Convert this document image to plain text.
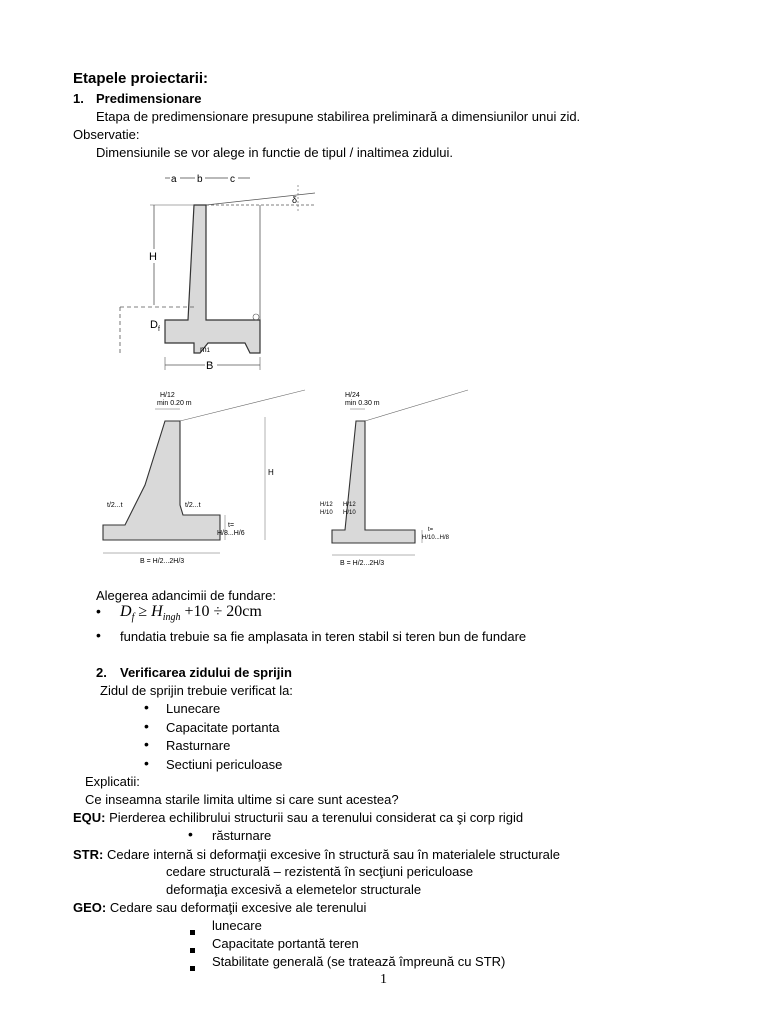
Etapele proiectarii:
1. Predimensionare
Etapa de predimensionare presupune stabilirea preliminară a dimensiunilor unui zid.
Observatie:
Dimensiunile se vor alege in functie de tipul / inaltimea zidului.
a b	c
δ
H
$D_f$
m1
B
H/12
min 0.20 m
t/2...t	t/2...t
H
t=
H/8...H/6
B = H/2...2H/3
H/24
min 0.30 m
H/12
H/10
H/12
H/10
t=
H/10...H/8
B = H/2...2H/3
Alegerea adancimii de fundare:
• $D_f \ge H_{ingh} +10 \div 20cm$
• fundatia trebuie sa fie amplasata in teren stabil si teren bun de fundare
2. Verificarea zidului de sprijin
Zidul de sprijin trebuie verificat la:
• Lunecare
• Capacitate portanta
• Rasturnare
• Sectiuni periculoase
Explicatii:
Ce inseamna starile limita ultime si care sunt acestea?
EQU: Pierderea echilibrului structurii sau a terenului considerat ca şi corp rigid
• răsturnare
STR: Cedare internă si deformaţii excesive în structură sau în materialele structurale
cedare structurală – rezistentă în secţiuni periculoase
deformaţia excesivă a elemetelor structurale
GEO: Cedare sau deformaţii excesive ale terenului
lunecare
Capacitate portantă teren
Stabilitate generală (se tratează împreună cu STR)
1
